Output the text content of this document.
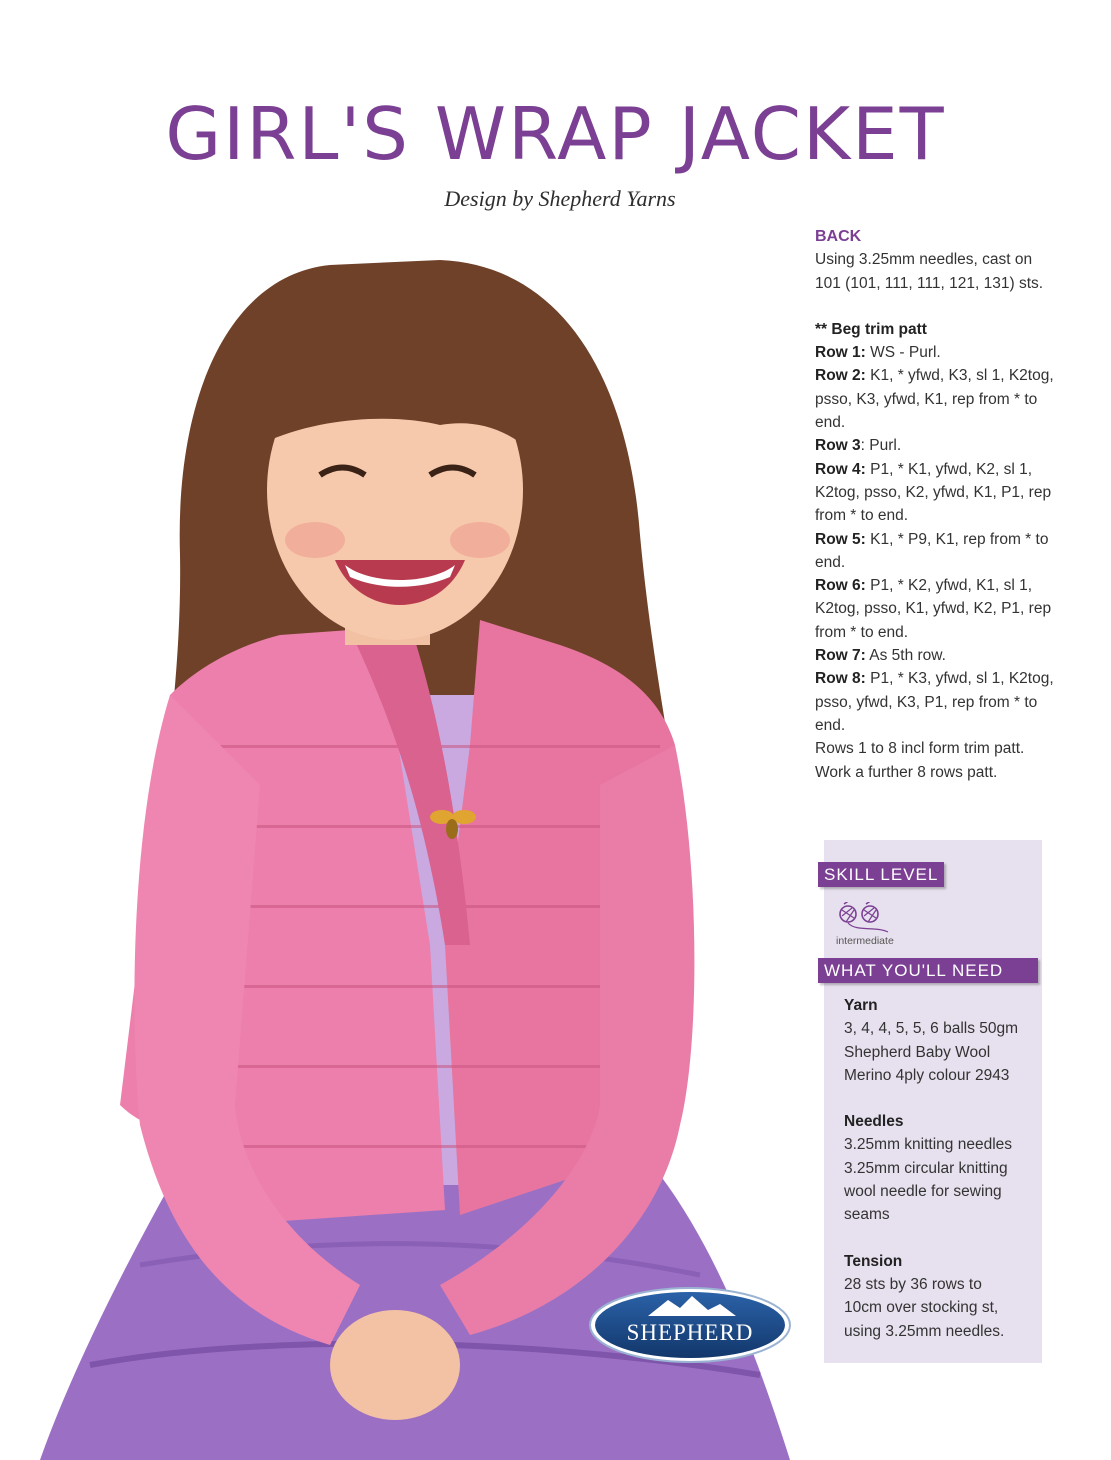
GIRL'S WRAP JACKET
Design by Shepherd Yarns

BACK

Using 3.25mm needles, cast on 101 (101, 111, 111, 121, 131) sts.

** Beg trim patt

Row 1: WS - Purl.

Row 2: K1, * yfwd, K3, sl 1, K2tog, psso, K3, yfwd, K1, rep from * to end.

Row 3: Purl.

Row 4: P1, * K1, yfwd, K2, sl 1, K2tog, psso, K2, yfwd, K1, P1, rep from * to end.

Row 5: K1, * P9, K1, rep from * to end.

Row 6: P1, * K2, yfwd, K1, sl 1, K2tog, psso, K1, yfwd, K2, P1, rep from * to end.

Row 7: As 5th row.

Row 8: P1, * K3, yfwd, sl 1, K2tog, psso, yfwd, K3, P1, rep from * to end.

Rows 1 to 8 incl form trim patt.

Work a further 8 rows patt.

SKILL LEVEL
intermediate
WHAT YOU'LL NEED

Yarn

3, 4, 4, 5, 5, 6 balls 50gm

Shepherd Baby Wool

Merino 4ply colour 2943

Needles

3.25mm knitting needles

3.25mm circular knitting

wool needle for sewing

seams

Tension

28 sts by 36 rows to

10cm over stocking st,

using 3.25mm needles.

SHEPHERD
